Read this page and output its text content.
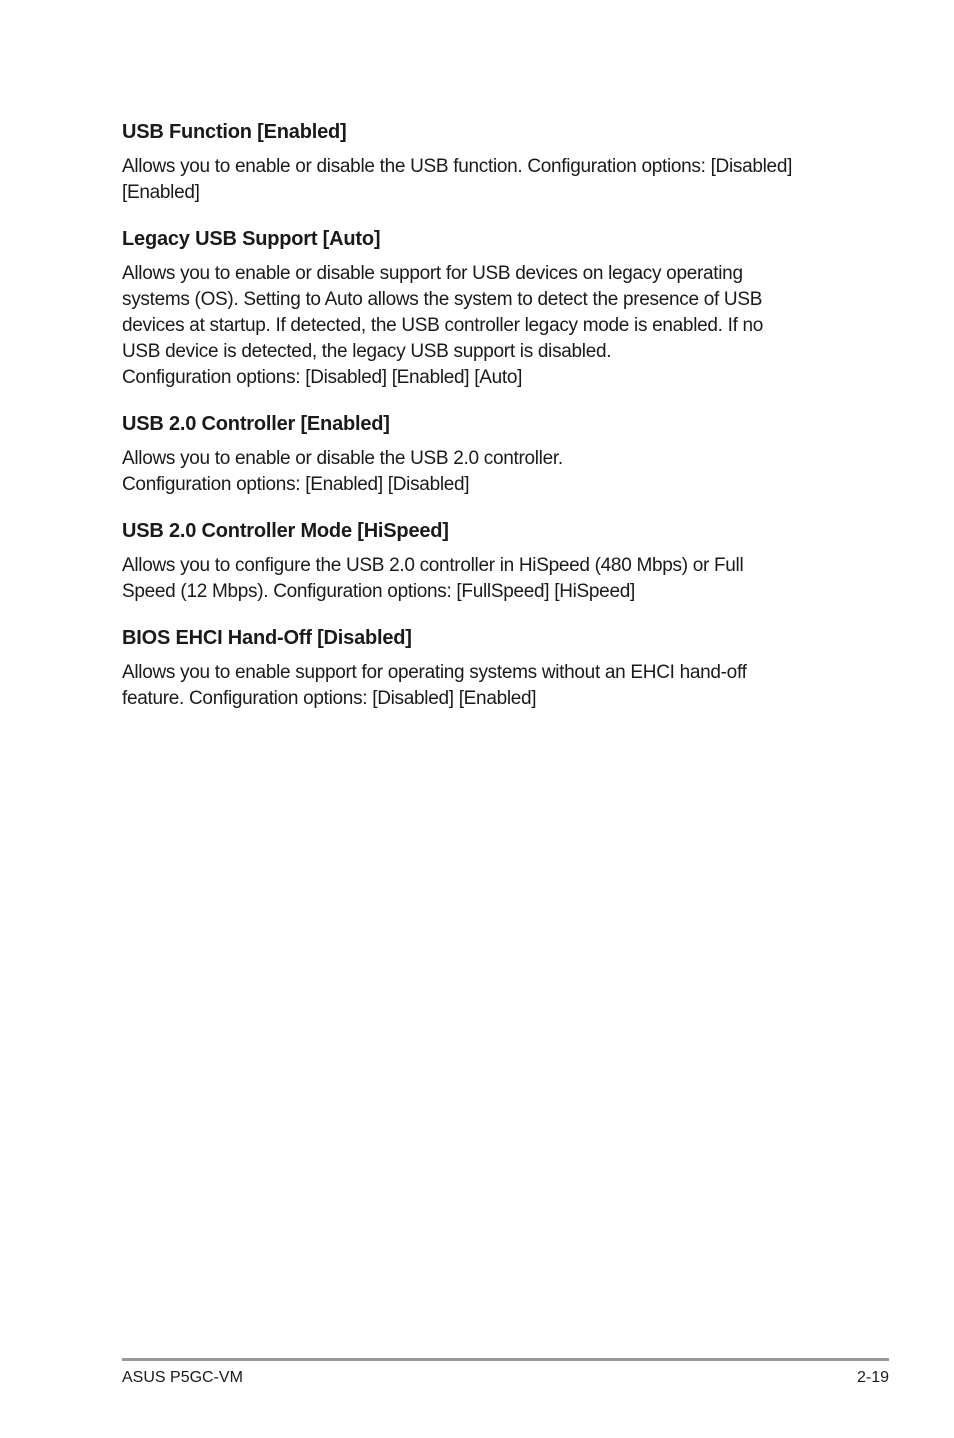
USB Function [Enabled]
Allows you to enable or disable the USB function. Configuration options: [Disabled]
[Enabled]
Legacy USB Support [Auto]
Allows you to enable or disable support for USB devices on legacy operating
systems (OS). Setting to Auto allows the system to detect the presence of USB
devices at startup. If detected, the USB controller legacy mode is enabled. If no
USB device is detected, the legacy USB support is disabled.
Configuration options: [Disabled] [Enabled] [Auto]
USB 2.0 Controller [Enabled]
Allows you to enable or disable the USB 2.0 controller.
Configuration options: [Enabled] [Disabled]
USB 2.0 Controller Mode [HiSpeed]
Allows you to configure the USB 2.0 controller in HiSpeed (480 Mbps) or Full
Speed (12 Mbps). Configuration options: [FullSpeed] [HiSpeed]
BIOS EHCI Hand-Off [Disabled]
Allows you to enable support for operating systems without an EHCI hand-off
feature. Configuration options: [Disabled] [Enabled]
ASUS P5GC-VM	2-19
